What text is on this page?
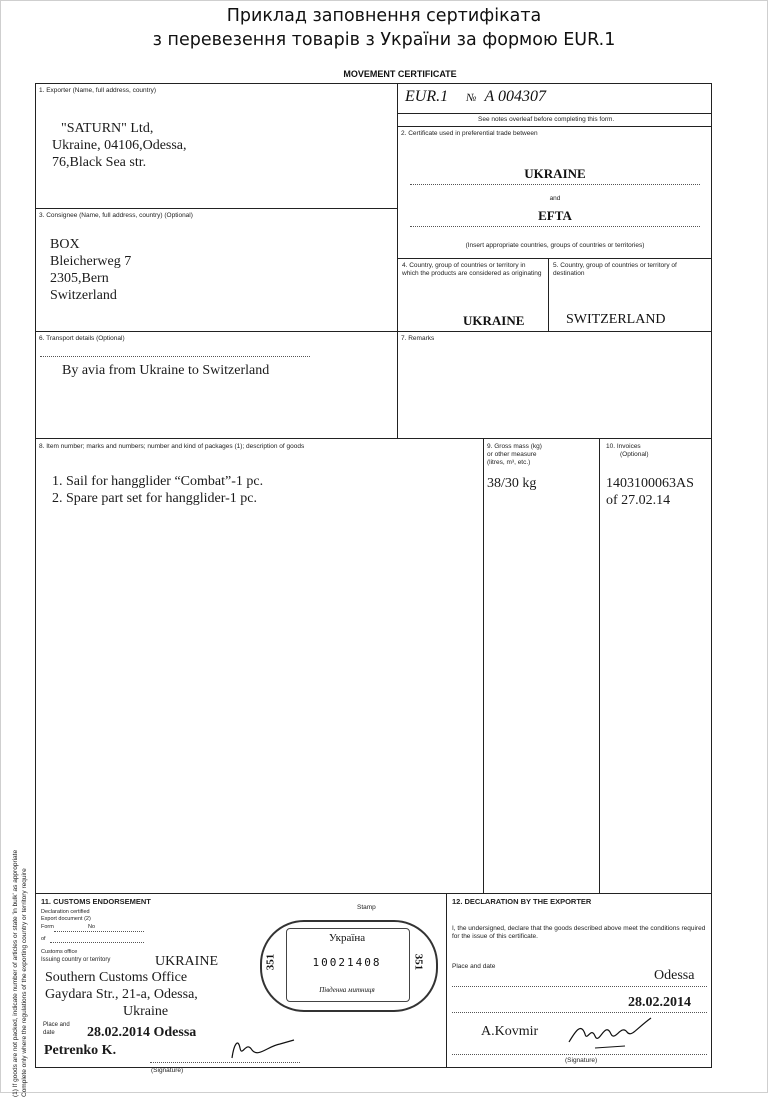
Приклад заповнення сертифіката
з перевезення товарів з України за формою EUR.1
MOVEMENT CERTIFICATE
1. Exporter (Name, full address, country)
"SATURN" Ltd,
Ukraine, 04106,Odessa,
76,Black Sea str.
EUR.1 № A 004307
See notes overleaf before completing this form.
2. Certificate used in preferential trade between
UKRAINE
and
EFTA
(Insert appropriate countries, groups of countries or territories)
3. Consignee (Name, full address, country) (Optional)
BOX
Bleicherweg 7
2305,Bern
Switzerland
4. Country, group of countries or territory in which the products are considered as originating
UKRAINE
5. Country, group of countries or territory of destination
SWITZERLAND
6. Transport details (Optional)
By avia from Ukraine to Switzerland
7. Remarks
8. Item number; marks and numbers; number and kind of packages (1); description of goods
1. Sail for hangglider “Combat”-1 pc.
2. Spare part set for hangglider-1 pc.
9. Gross mass (kg)
or other measure
(litres, m³, etc.)
38/30 kg
10. Invoices
(Optional)
1403100063AS
of 27.02.14
(1) If goods are not packed, indicate number of articles or state 'in bulk' as appropriate Complete only where the regulations of the exporting country or territory require 11. CUSTOMS ENDORSEMENT
Declaration certified
Export document (2)
Form	No
of
Customs office
Issuing country or territory	UKRAINE
Southern Customs Office
Gaydara Str., 21-a, Odessa,
Ukraine
Place and date	28.02.2014 Odessa
Petrenko K.
(Signature)
Stamp
Україна
10021408
Південна митниця
351	351
12. DECLARATION BY THE EXPORTER
I, the undersigned, declare that the goods described above meet the conditions required for the issue of this certificate.
Place and date
Odessa
28.02.2014
A.Kovmir
(Signature)
